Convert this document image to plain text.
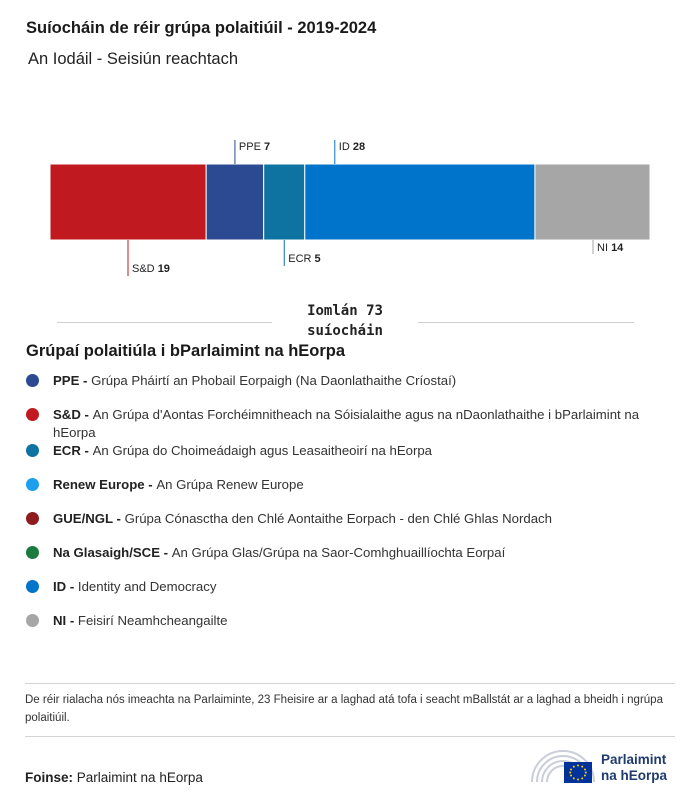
Suíocháin de réir grúpa polaitiúil - 2019-2024

An Iodáil - Seisiún reachtach

S&D 19
PPE 7
ECR 5
ID 28
NI 14
Iomlán 73
suíocháin
Grúpaí polaitiúla i bParlaimint na hEorpa
PPE - Grúpa Pháirtí an Phobail Eorpaigh (Na Daonlathaithe Críostaí)
S&D - An Grúpa d'Aontas Forchéimnitheach na Sóisialaithe agus na nDaonlathaithe i bParlaimint na hEorpa
ECR - An Grúpa do Choimeádaigh agus Leasaitheoirí na hEorpa
Renew Europe - An Grúpa Renew Europe
GUE/NGL - Grúpa Cónasctha den Chlé Aontaithe Eorpach - den Chlé Ghlas Nordach
Na Glasaigh/SCE - An Grúpa Glas/Grúpa na Saor-Comhghuaillíochta Eorpaí
ID - Identity and Democracy
NI - Feisirí Neamhcheangailte

De réir rialacha nós imeachta na Parlaiminte, 23 Fheisire ar a laghad atá tofa i seacht mBallstát ar a laghad a bheidh i ngrúpa polaitiúil.

Foinse: Parlaimint na hEorpa
Parlaimint
na hEorpa
